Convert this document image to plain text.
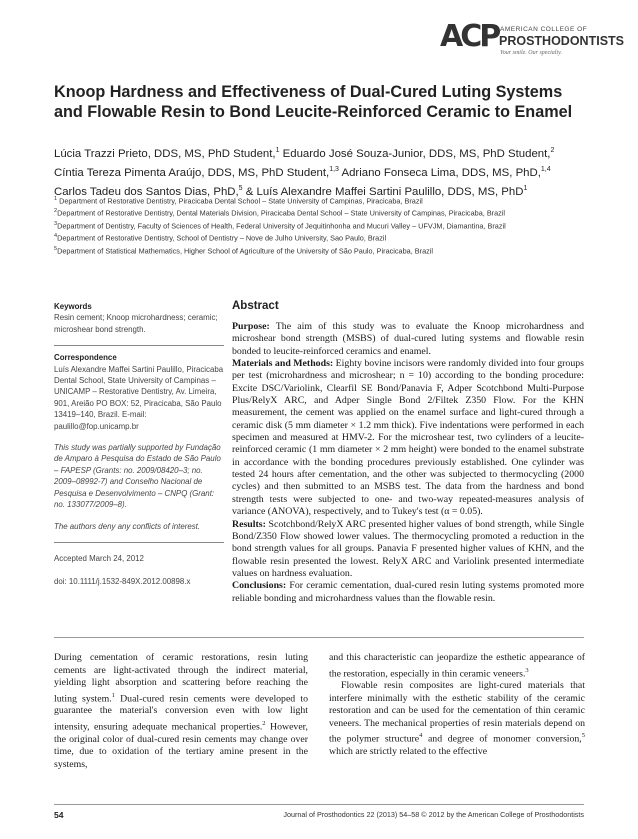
ACP AMERICAN COLLEGE OF
PROSTHODONTISTS
Your smile. Our specialty.
Knoop Hardness and Effectiveness of Dual-Cured Luting Systems and Flowable Resin to Bond Leucite-Reinforced Ceramic to Enamel
Lúcia Trazzi Prieto, DDS, MS, PhD Student,$^1$ Eduardo José Souza-Junior, DDS, MS, PhD Student,$^2$
Cíntia Tereza Pimenta Araújo, DDS, MS, PhD Student,$^{1,3}$ Adriano Fonseca Lima, DDS, MS, PhD,$^{1,4}$
Carlos Tadeu dos Santos Dias, PhD,$^5$ & Luís Alexandre Maffei Sartini Paulillo, DDS, MS, PhD$^1$
$^1$ Department of Restorative Dentistry, Piracicaba Dental School – State University of Campinas, Piracicaba, Brazil
$^2$Department of Restorative Dentistry, Dental Materials Division, Piracicaba Dental School – State University of Campinas, Piracicaba, Brazil
$^3$Department of Dentistry, Faculty of Sciences of Health, Federal University of Jequitinhonha and Mucuri Valley – UFVJM, Diamantina, Brazil
$^4$Department of Restorative Dentistry, School of Dentistry – Nove de Julho University, Sao Paulo, Brazil
$^5$Department of Statistical Mathematics, Higher School of Agriculture of the University of São Paulo, Piracicaba, Brazil
Keywords
Resin cement; Knoop microhardness; ceramic; microshear bond strength.
Correspondence
Luís Alexandre Maffei Sartini Paulillo, Piracicaba Dental School, State University of Campinas – UNICAMP – Restorative Dentistry, Av. Limeira, 901, Areião PO BOX: 52, Piracicaba, São Paulo 13419–140, Brazil. E-mail: paulillo@fop.unicamp.br
This study was partially supported by Fundação de Amparo à Pesquisa do Estado de São Paulo – FAPESP (Grants: no. 2009/08420–3; no. 2009–08992-7) and Conselho Nacional de Pesquisa e Desenvolvimento – CNPQ (Grant: no. 133077/2009–8).
The authors deny any conflicts of interest.
Accepted March 24, 2012
doi: 10.1111/j.1532-849X.2012.00898.x
Abstract

Purpose: The aim of this study was to evaluate the Knoop microhardness and microshear bond strength (MSBS) of dual-cured luting systems and flowable resin bonded to leucite-reinforced ceramics and enamel.

Materials and Methods: Eighty bovine incisors were randomly divided into four groups per test (microhardness and microshear; n = 10) according to the bonding procedure: Excite DSC/Variolink, Clearfil SE Bond/Panavia F, Adper Scotchbond Multi-Purpose Plus/RelyX ARC, and Adper Single Bond 2/Filtek Z350 Flow. For the KHN measurement, the cement was applied on the enamel surface and light-cured through a ceramic disk (5 mm diameter × 1.2 mm thick). Five indentations were performed in each specimen and measured at HMV-2. For the microshear test, two cylinders of a leucite-reinforced ceramic (1 mm diameter × 2 mm height) were bonded to the enamel substrate in accordance with the bonding procedures previously established. One cylinder was tested 24 hours after cementation, and the other was subjected to thermocycling (2000 cycles) and then submitted to an MSBS test. The data from the hardness and bond strength tests were subjected to one- and two-way repeated-measures analysis of variance (ANOVA), respectively, and to Tukey's test (α = 0.05).

Results: Scotchbond/RelyX ARC presented higher values of bond strength, while Single Bond/Z350 Flow showed lower values. The thermocycling promoted a reduction in the bond strength values for all groups. Panavia F presented higher values of KHN, and the flowable resin presented the lowest. RelyX ARC and Variolink presented intermediate values on hardness evaluation.

Conclusions: For ceramic cementation, dual-cured resin luting systems promoted more reliable bonding and microhardness values than the flowable resin.

During cementation of ceramic restorations, resin luting cements are light-activated through the indirect material, yielding light absorption and scattering before reaching the luting system.$^1$ Dual-cured resin cements were developed to guarantee the material's conversion even with low light intensity, ensuring adequate mechanical properties.$^2$ However, the original color of dual-cured resin cements may change over time, due to oxidation of the tertiary amine present in the systems,

and this characteristic can jeopardize the esthetic appearance of the restoration, especially in thin ceramic veneers.$^3$

Flowable resin composites are light-cured materials that interfere minimally with the esthetic stability of the ceramic restoration and can be used for the cementation of thin ceramic veneers. The mechanical properties of resin materials depend on the polymer structure$^4$ and degree of monomer conversion,$^5$ which are strictly related to the effective

54	Journal of Prosthodontics 22 (2013) 54–58 © 2012 by the American College of Prosthodontists
